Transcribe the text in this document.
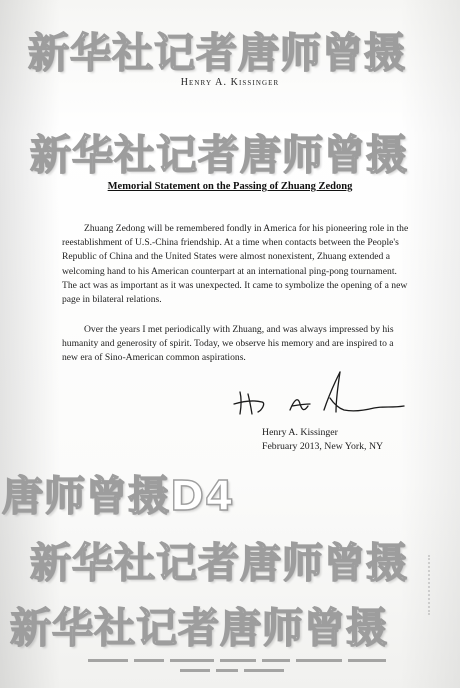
Henry A. Kissinger
Memorial Statement on the Passing of Zhuang Zedong

Zhuang Zedong will be remembered fondly in America for his pioneering role in the reestablishment of U.S.-China friendship. At a time when contacts between the People's Republic of China and the United States were almost nonexistent, Zhuang extended a welcoming hand to his American counterpart at an international ping-pong tournament. The act was as important as it was unexpected. It came to symbolize the opening of a new page in bilateral relations.

Over the years I met periodically with Zhuang, and was always impressed by his humanity and generosity of spirit. Today, we observe his memory and are inspired to a new era of Sino-American common aspirations.

Henry A. Kissinger
February 2013, New York, NY
新华社记者唐师曾摄
新华社记者唐师曾摄
唐师曾摄D4
新华社记者唐师曾摄
新华社记者唐师曾摄
